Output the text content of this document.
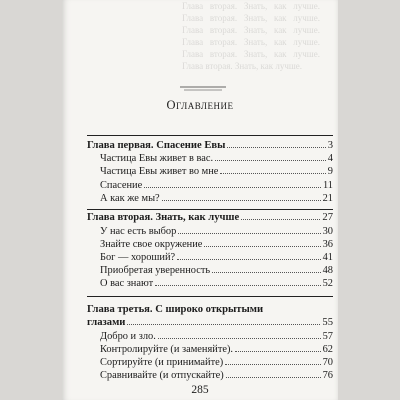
Глава вторая. Знать, как лучше. Глава вторая. Знать, как лучше. Глава вторая. Знать, как лучше. Глава вторая. Знать, как лучше. Глава вторая. Знать, как лучше. Глава вторая. Знать, как лучше.
Оглавление
Глава первая. Спасение Евы	3
Частица Евы живет в вас.	4
Частица Евы живет во мне	9
Спасение	11
А как же мы?	21
Глава вторая. Знать, как лучше	27
У нас есть выбор	30
Знайте свое окружение	36
Бог — хороший?	41
Приобретая уверенность	48
О вас знают	52
Глава третья. С широко открытыми
глазами	55
Добро и зло.	57
Контролируйте (и заменяйте).	62
Сортируйте (и принимайте)	70
Сравнивайте (и отпускайте)	76
285
